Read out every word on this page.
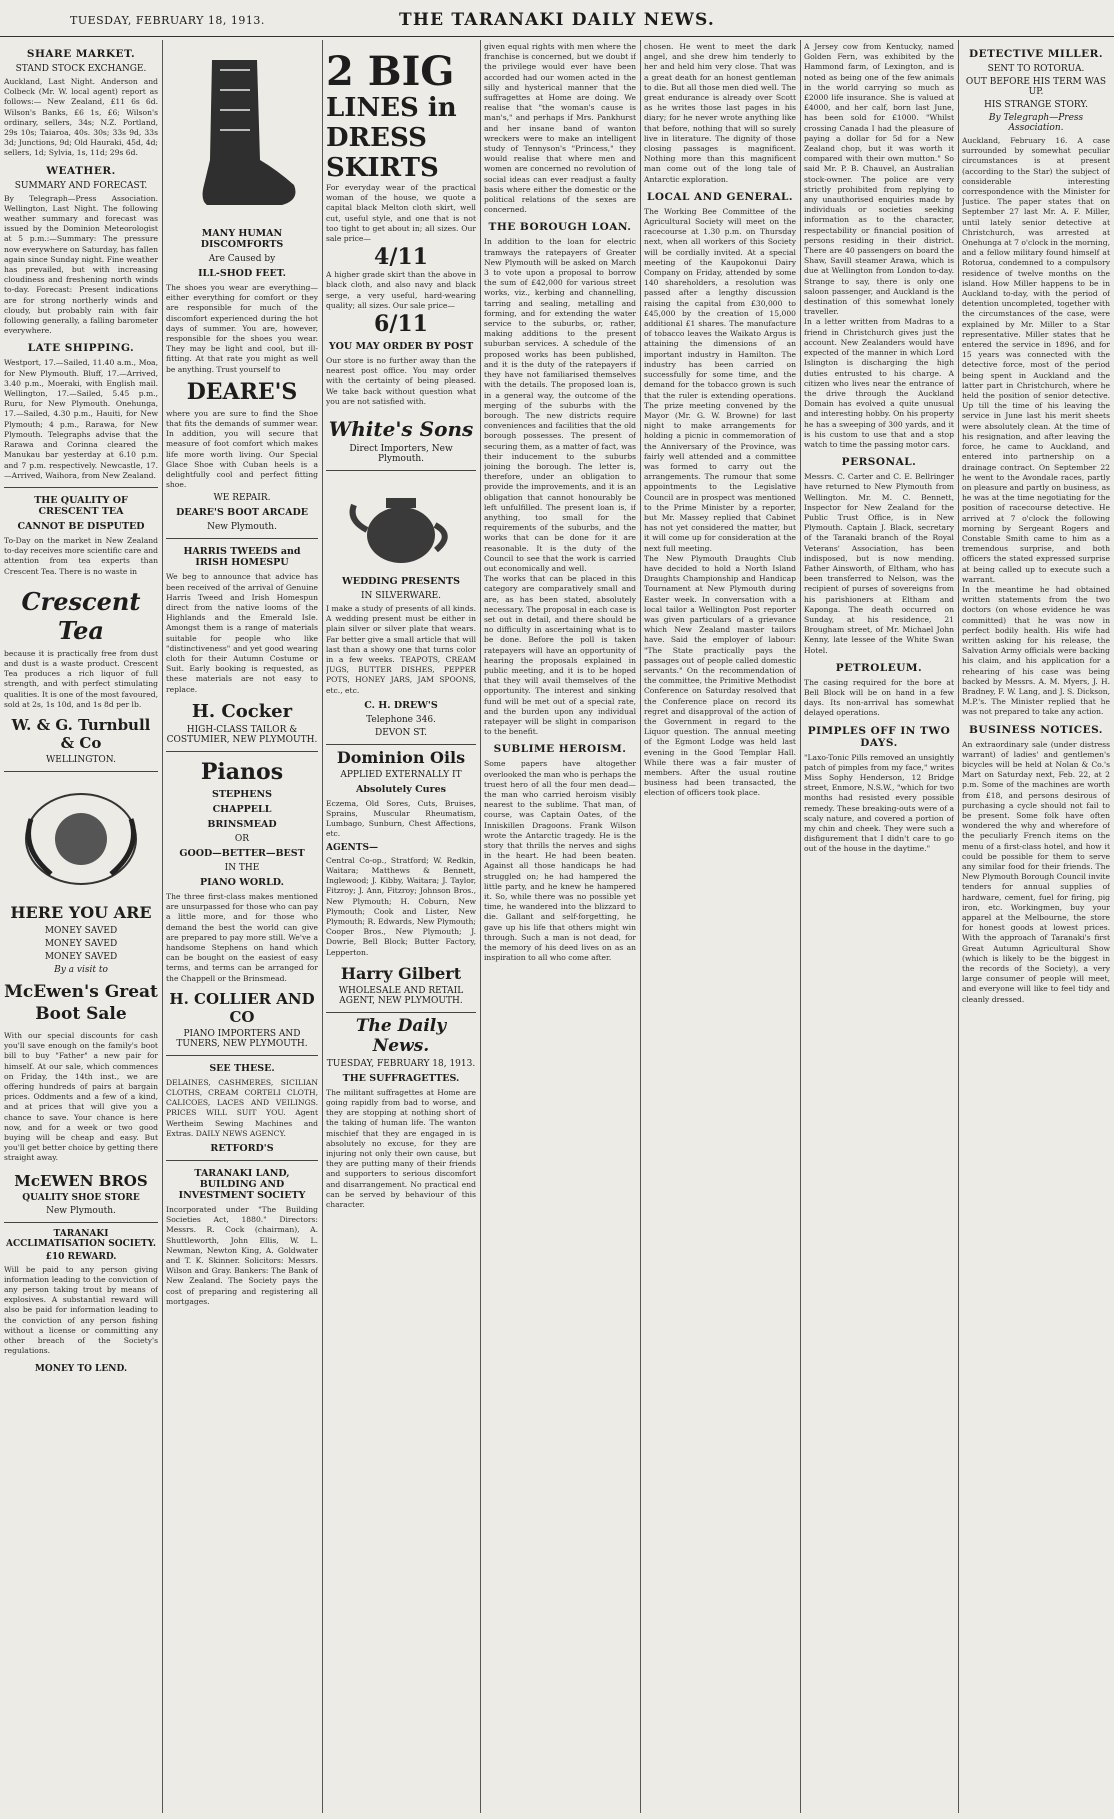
TUESDAY, FEBRUARY 18, 1913.	THE TARANAKI DAILY NEWS.
SHARE MARKET.
STAND STOCK EXCHANGE.

Auckland, Last Night. Anderson and Colbeck (Mr. W. local agent) report as follows:— New Zealand, £11 6s 6d. Wilson's Banks, £6 1s, £6; Wilson's ordinary, sellers, 34s; N.Z. Portland, 29s 10s; Taiaroa, 40s. 30s; 33s 9d, 33s 3d; Junctions, 9d; Old Hauraki, 45d, 4d; sellers, 1d; Sylvia, 1s, 11d; 29s 6d.

WEATHER.
SUMMARY AND FORECAST.

By Telegraph—Press Association. Wellington, Last Night. The following weather summary and forecast was issued by the Dominion Meteorologist at 5 p.m.:—Summary: The pressure now everywhere on Saturday, has fallen again since Sunday night. Fine weather has prevailed, but with increasing cloudiness and freshening north winds to-day. Forecast: Present indications are for strong northerly winds and cloudy, but probably rain with fair following generally, a falling barometer everywhere.

LATE SHIPPING.

Westport, 17.—Sailed, 11.40 a.m., Moa, for New Plymouth. Bluff, 17.—Arrived, 3.40 p.m., Moeraki, with English mail. Wellington, 17.—Sailed, 5.45 p.m., Ruru, for New Plymouth. Onehunga, 17.—Sailed, 4.30 p.m., Hauiti, for New Plymouth; 4 p.m., Rarawa, for New Plymouth. Telegraphs advise that the Rarawa and Corinna cleared the Manukau bar yesterday at 6.10 p.m. and 7 p.m. respectively. Newcastle, 17.—Arrived, Waihora, from New Zealand.

THE QUALITY OF CRESCENT TEA
CANNOT BE DISPUTED

To-Day on the market in New Zealand to-day receives more scientific care and attention from tea experts than Crescent Tea. There is no waste in

Crescent Tea

because it is practically free from dust and dust is a waste product. Crescent Tea produces a rich liquor of full strength, and with perfect stimulating qualities. It is one of the most favoured, sold at 2s, 1s 10d, and 1s 8d per lb.

W. & G. Turnbull & Co
WELLINGTON.
HERE YOU ARE
MONEY SAVED
MONEY SAVED
MONEY SAVED
By a visit to
McEwen's Great Boot Sale

With our special discounts for cash you'll save enough on the family's boot bill to buy "Father" a new pair for himself. At our sale, which commences on Friday, the 14th inst., we are offering hundreds of pairs at bargain prices. Oddments and a few of a kind, and at prices that will give you a chance to save. Your chance is here now, and for a week or two good buying will be cheap and easy. But you'll get better choice by getting there straight away.

McEWEN BROS
QUALITY SHOE STORE
New Plymouth.
TARANAKI ACCLIMATISATION SOCIETY.
£10 REWARD.

Will be paid to any person giving information leading to the conviction of any person taking trout by means of explosives. A substantial reward will also be paid for information leading to the conviction of any person fishing without a license or committing any other breach of the Society's regulations.

MONEY TO LEND.
MANY HUMAN DISCOMFORTS
Are Caused by
ILL-SHOD FEET.

The shoes you wear are everything—either everything for comfort or they are responsible for much of the discomfort experienced during the hot days of summer. You are, however, responsible for the shoes you wear. They may be light and cool, but ill-fitting. At that rate you might as well be anything. Trust yourself to

DEARE'S

where you are sure to find the Shoe that fits the demands of summer wear. In addition, you will secure that measure of foot comfort which makes life more worth living. Our Special Glace Shoe with Cuban heels is a delightfully cool and perfect fitting shoe.

WE REPAIR.
DEARE'S BOOT ARCADE
New Plymouth.
HARRIS TWEEDS and IRISH HOMESPU

We beg to announce that advice has been received of the arrival of Genuine Harris Tweed and Irish Homespun direct from the native looms of the Highlands and the Emerald Isle. Amongst them is a range of materials suitable for people who like "distinctiveness" and yet good wearing cloth for their Autumn Costume or Suit. Early booking is requested, as these materials are not easy to replace.

H. Cocker
HIGH-CLASS TAILOR & COSTUMIER, NEW PLYMOUTH.
Pianos
STEPHENS
CHAPPELL
BRINSMEAD
OR
GOOD—BETTER—BEST
IN THE
PIANO WORLD.

The three first-class makes mentioned are unsurpassed for those who can pay a little more, and for those who demand the best the world can give are prepared to pay more still. We've a handsome Stephens on hand which can be bought on the easiest of easy terms, and terms can be arranged for the Chappell or the Brinsmead.

H. COLLIER AND CO
PIANO IMPORTERS AND TUNERS, NEW PLYMOUTH.
SEE THESE.

DELAINES, CASHMERES, SICILIAN CLOTHS, CREAM CORTELI CLOTH, CALICOES, LACES AND VEILINGS. PRICES WILL SUIT YOU. Agent Wertheim Sewing Machines and Extras. DAILY NEWS AGENCY.

RETFORD'S
TARANAKI LAND, BUILDING AND INVESTMENT SOCIETY

Incorporated under "The Building Societies Act, 1880." Directors: Messrs. R. Cock (chairman), A. Shuttleworth, John Ellis, W. L. Newman, Newton King, A. Goldwater and T. K. Skinner. Solicitors: Messrs. Wilson and Gray. Bankers: The Bank of New Zealand. The Society pays the cost of preparing and registering all mortgages.

2 BIG
LINES in
DRESS SKIRTS

For everyday wear of the practical woman of the house, we quote a capital black Melton cloth skirt, well cut, useful style, and one that is not too tight to get about in; all sizes. Our sale price—

4/11

A higher grade skirt than the above in black cloth, and also navy and black serge, a very useful, hard-wearing quality; all sizes. Our sale price—

6/11
YOU MAY ORDER BY POST

Our store is no further away than the nearest post office. You may order with the certainty of being pleased. We take back without question what you are not satisfied with.

White's Sons
Direct Importers, New Plymouth.
WEDDING PRESENTS
IN SILVERWARE.

I make a study of presents of all kinds. A wedding present must be either in plain silver or silver plate that wears. Far better give a small article that will last than a showy one that turns color in a few weeks. TEAPOTS, CREAM JUGS, BUTTER DISHES, PEPPER POTS, HONEY JARS, JAM SPOONS, etc., etc.

C. H. DREW'S
Telephone 346.
DEVON ST.
Dominion Oils
APPLIED EXTERNALLY IT
Absolutely Cures

Eczema, Old Sores, Cuts, Bruises, Sprains, Muscular Rheumatism, Lumbago, Sunburn, Chest Affections, etc.

AGENTS—

Central Co-op., Stratford; W. Redkin, Waitara; Matthews & Bennett, Inglewood; J. Kibby, Waitara; J. Taylor, Fitzroy; J. Ann, Fitzroy; Johnson Bros., New Plymouth; H. Coburn, New Plymouth; Cook and Lister, New Plymouth; R. Edwards, New Plymouth; Cooper Bros., New Plymouth; J. Dowrie, Bell Block; Butter Factory, Lepperton.

Harry Gilbert
WHOLESALE AND RETAIL AGENT, NEW PLYMOUTH.
The Daily News.
TUESDAY, FEBRUARY 18, 1913.
THE SUFFRAGETTES.

The militant suffragettes at Home are going rapidly from bad to worse, and they are stopping at nothing short of the taking of human life. The wanton mischief that they are engaged in is absolutely no excuse, for they are injuring not only their own cause, but they are putting many of their friends and supporters to serious discomfort and disarrangement. No practical end can be served by behaviour of this character.

given equal rights with men where the franchise is concerned, but we doubt if the privilege would ever have been accorded had our women acted in the silly and hysterical manner that the suffragettes at Home are doing. We realise that "the woman's cause is man's," and perhaps if Mrs. Pankhurst and her insane band of wanton wreckers were to make an intelligent study of Tennyson's "Princess," they would realise that where men and women are concerned no revolution of social ideas can ever readjust a faulty basis where either the domestic or the political relations of the sexes are concerned.

THE BOROUGH LOAN.

In addition to the loan for electric tramways the ratepayers of Greater New Plymouth will be asked on March 3 to vote upon a proposal to borrow the sum of £42,000 for various street works, viz., kerbing and channelling, tarring and sealing, metalling and forming, and for extending the water service to the suburbs, or, rather, making additions to the present suburban services. A schedule of the proposed works has been published, and it is the duty of the ratepayers if they have not familiarised themselves with the details. The proposed loan is, in a general way, the outcome of the merging of the suburbs with the borough. The new districts require conveniences and facilities that the old borough possesses. The present of securing them, as a matter of fact, was their inducement to the suburbs joining the borough. The letter is, therefore, under an obligation to provide the improvements, and it is an obligation that cannot honourably be left unfulfilled. The present loan is, if anything, too small for the requirements of the suburbs, and the works that can be done for it are reasonable. It is the duty of the Council to see that the work is carried out economically and well.

The works that can be placed in this category are comparatively small and are, as has been stated, absolutely necessary. The proposal in each case is set out in detail, and there should be no difficulty in ascertaining what is to be done. Before the poll is taken ratepayers will have an opportunity of hearing the proposals explained in public meeting, and it is to be hoped that they will avail themselves of the opportunity. The interest and sinking fund will be met out of a special rate, and the burden upon any individual ratepayer will be slight in comparison to the benefit.

SUBLIME HEROISM.

Some papers have altogether overlooked the man who is perhaps the truest hero of all the four men dead—the man who carried heroism visibly nearest to the sublime. That man, of course, was Captain Oates, of the Inniskillen Dragoons. Frank Wilson wrote the Antarctic tragedy. He is the story that thrills the nerves and sighs in the heart. He had been beaten. Against all those handicaps he had struggled on; he had hampered the little party, and he knew he hampered it. So, while there was no possible yet time, he wandered into the blizzard to die. Gallant and self-forgetting, he gave up his life that others might win through. Such a man is not dead, for the memory of his deed lives on as an inspiration to all who come after.

chosen. He went to meet the dark angel, and she drew him tenderly to her and held him very close. That was a great death for an honest gentleman to die. But all those men died well. The great endurance is already over Scott as he writes those last pages in his diary; for he never wrote anything like that before, nothing that will so surely live in literature. The dignity of those closing passages is magnificent. Nothing more than this magnificent man come out of the long tale of Antarctic exploration.

LOCAL AND GENERAL.

The Working Bee Committee of the Agricultural Society will meet on the racecourse at 1.30 p.m. on Thursday next, when all workers of this Society will be cordially invited. At a special meeting of the Kaupokonui Dairy Company on Friday, attended by some 140 shareholders, a resolution was passed after a lengthy discussion raising the capital from £30,000 to £45,000 by the creation of 15,000 additional £1 shares. The manufacture of tobacco leaves the Waikato Argus is attaining the dimensions of an important industry in Hamilton. The industry has been carried on successfully for some time, and the demand for the tobacco grown is such that the ruler is extending operations. The prize meeting convened by the Mayor (Mr. G. W. Browne) for last night to make arrangements for holding a picnic in commemoration of the Anniversary of the Province, was fairly well attended and a committee was formed to carry out the arrangements. The rumour that some appointments to the Legislative Council are in prospect was mentioned to the Prime Minister by a reporter, but Mr. Massey replied that Cabinet has not yet considered the matter, but it will come up for consideration at the next full meeting.

The New Plymouth Draughts Club have decided to hold a North Island Draughts Championship and Handicap Tournament at New Plymouth during Easter week. In conversation with a local tailor a Wellington Post reporter was given particulars of a grievance which New Zealand master tailors have. Said the employer of labour: "The State practically pays the passages out of people called domestic servants." On the recommendation of the committee, the Primitive Methodist Conference on Saturday resolved that the Conference place on record its regret and disapproval of the action of the Government in regard to the Liquor question. The annual meeting of the Egmont Lodge was held last evening in the Good Templar Hall. While there was a fair muster of members. After the usual routine business had been transacted, the election of officers took place.

A Jersey cow from Kentucky, named Golden Fern, was exhibited by the Hammond farm, of Lexington, and is noted as being one of the few animals in the world carrying so much as £2000 life insurance. She is valued at £4000, and her calf, born last June, has been sold for £1000. "Whilst crossing Canada I had the pleasure of paying a dollar for 5d for a New Zealand chop, but it was worth it compared with their own mutton." So said Mr. P. B. Chauvel, an Australian stock-owner. The police are very strictly prohibited from replying to any unauthorised enquiries made by individuals or societies seeking information as to the character, respectability or financial position of persons residing in their district. There are 40 passengers on board the Shaw, Savill steamer Arawa, which is due at Wellington from London to-day. Strange to say, there is only one saloon passenger, and Auckland is the destination of this somewhat lonely traveller.

In a letter written from Madras to a friend in Christchurch gives just the account. New Zealanders would have expected of the manner in which Lord Islington is discharging the high duties entrusted to his charge. A citizen who lives near the entrance of the drive through the Auckland Domain has evolved a quite unusual and interesting hobby. On his property he has a sweeping of 300 yards, and it is his custom to use that and a stop watch to time the passing motor cars.

PERSONAL.

Messrs. C. Carter and C. E. Bellringer have returned to New Plymouth from Wellington. Mr. M. C. Bennett, Inspector for New Zealand for the Public Trust Office, is in New Plymouth. Captain J. Black, secretary of the Taranaki branch of the Royal Veterans' Association, has been indisposed, but is now mending. Father Ainsworth, of Eltham, who has been transferred to Nelson, was the recipient of purses of sovereigns from his parishioners at Eltham and Kaponga. The death occurred on Sunday, at his residence, 21 Brougham street, of Mr. Michael John Kenny, late lessee of the White Swan Hotel.

PETROLEUM.

The casing required for the bore at Bell Block will be on hand in a few days. Its non-arrival has somewhat delayed operations.

PIMPLES OFF IN TWO DAYS.

"Laxo-Tonic Pills removed an unsightly patch of pimples from my face," writes Miss Sophy Henderson, 12 Bridge street, Enmore, N.S.W., "which for two months had resisted every possible remedy. These breaking-outs were of a scaly nature, and covered a portion of my chin and cheek. They were such a disfigurement that I didn't care to go out of the house in the daytime."

DETECTIVE MILLER.
SENT TO ROTORUA.
OUT BEFORE HIS TERM WAS UP.
HIS STRANGE STORY.
By Telegraph—Press Association.

Auckland, February 16. A case surrounded by somewhat peculiar circumstances is at present (according to the Star) the subject of considerable interesting correspondence with the Minister for Justice. The paper states that on September 27 last Mr. A. F. Miller, until lately senior detective at Christchurch, was arrested at Onehunga at 7 o'clock in the morning, and a fellow military found himself at Rotorua, condemned to a compulsory residence of twelve months on the island. How Miller happens to be in Auckland to-day, with the period of detention uncompleted, together with the circumstances of the case, were explained by Mr. Miller to a Star representative. Miller states that he entered the service in 1896, and for 15 years was connected with the detective force, most of the period being spent in Auckland and the latter part in Christchurch, where he held the position of senior detective. Up till the time of his leaving the service in June last his merit sheets were absolutely clean. At the time of his resignation, and after leaving the force, he came to Auckland, and entered into partnership on a drainage contract. On September 22 he went to the Avondale races, partly on pleasure and partly on business, as he was at the time negotiating for the position of racecourse detective. He arrived at 7 o'clock the following morning by Sergeant Rogers and Constable Smith came to him as a tremendous surprise, and both officers the stated expressed surprise at being called up to execute such a warrant.

In the meantime he had obtained written statements from the two doctors (on whose evidence he was committed) that he was now in perfect bodily health. His wife had written asking for his release, the Salvation Army officials were backing his claim, and his application for a rehearing of his case was being backed by Messrs. A. M. Myers, J. H. Bradney, F. W. Lang, and J. S. Dickson, M.P.'s. The Minister replied that he was not prepared to take any action.

BUSINESS NOTICES.

An extraordinary sale (under distress warrant) of ladies' and gentlemen's bicycles will be held at Nolan & Co.'s Mart on Saturday next, Feb. 22, at 2 p.m. Some of the machines are worth from £18, and persons desirous of purchasing a cycle should not fail to be present. Some folk have often wondered the why and wherefore of the peculiarly French items on the menu of a first-class hotel, and how it could be possible for them to serve any similar food for their friends. The New Plymouth Borough Council invite tenders for annual supplies of hardware, cement, fuel for firing, pig iron, etc. Workingmen, buy your apparel at the Melbourne, the store for honest goods at lowest prices. With the approach of Taranaki's first Great Autumn Agricultural Show (which is likely to be the biggest in the records of the Society), a very large consumer of people will meet, and everyone will like to feel tidy and cleanly dressed.
